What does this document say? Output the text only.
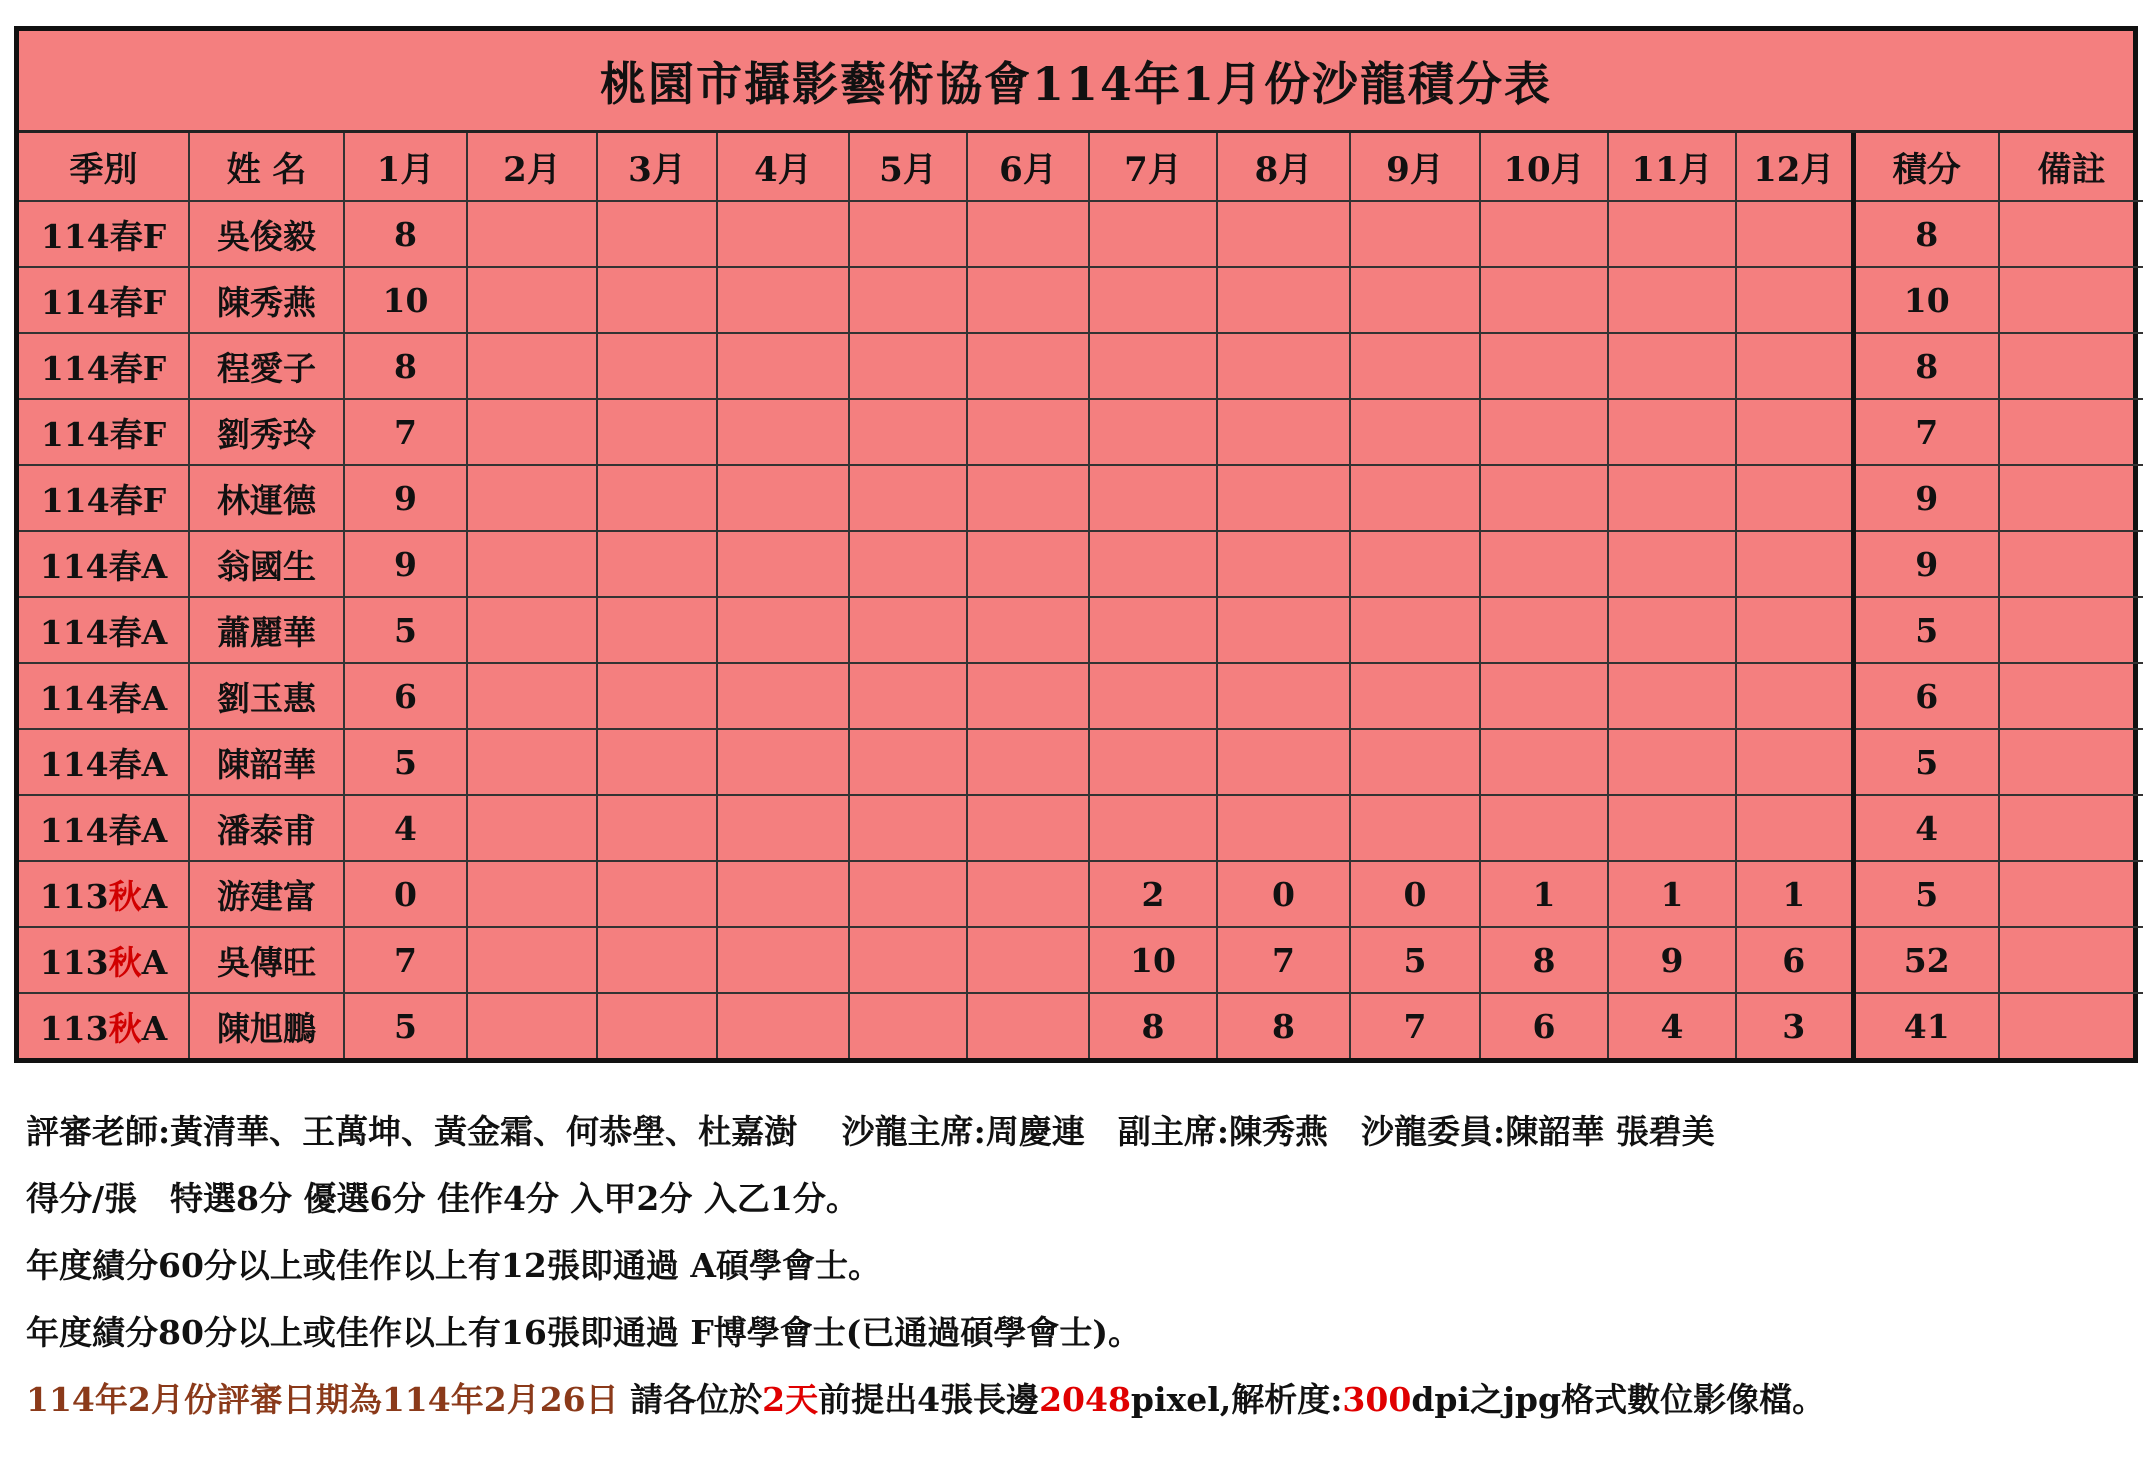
桃園市攝影藝術協會114年1月份沙龍積分表
季別	姓 名	1月	2月	3月	4月	5月	6月	7月	8月	9月	10月	11月	12月	積分	備註
114春F	吳俊毅	8												8	
114春F	陳秀燕	10												10	
114春F	程愛子	8												8	
114春F	劉秀玲	7												7	
114春F	林運德	9												9	
114春A	翁國生	9												9	
114春A	蕭麗華	5												5	
114春A	劉玉惠	6												6	
114春A	陳韶華	5												5	
114春A	潘泰甫	4												4	
113秋A	游建富	0						2	0	0	1	1	1	5	
113秋A	吳傳旺	7						10	7	5	8	9	6	52	
113秋A	陳旭鵬	5						8	8	7	6	4	3	41	
評審老師:黃清華、王萬坤、黃金霜、何恭壆、杜嘉澍　 沙龍主席:周慶連　副主席:陳秀燕　沙龍委員:陳韶華 張碧美
得分/張　特選8分 優選6分 佳作4分 入甲2分 入乙1分。
年度績分60分以上或佳作以上有12張即通過 A碩學會士。
年度績分80分以上或佳作以上有16張即通過 F博學會士(已通過碩學會士)。
114年2月份評審日期為114年2月26日 請各位於2天前提出4張長邊2048pixel,解析度:300dpi之jpg格式數位影像檔。
